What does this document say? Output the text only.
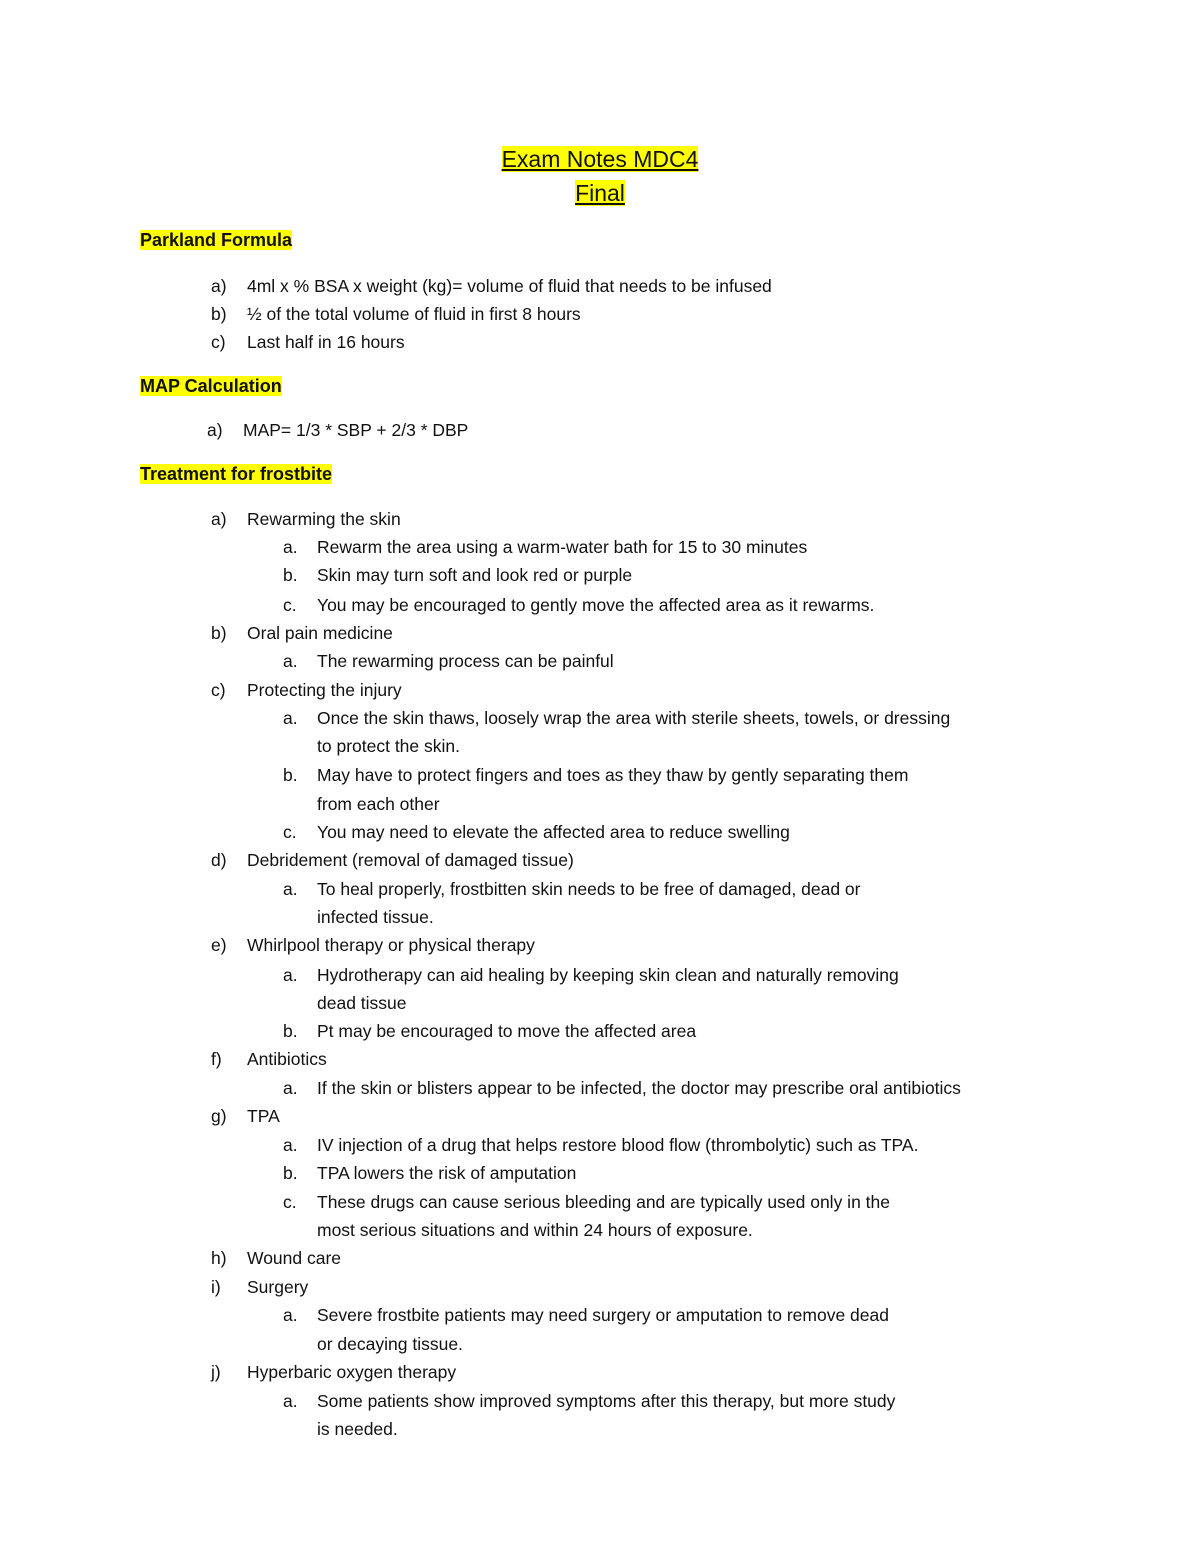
Exam Notes MDC4
Final
Parkland Formula
a)	4ml x % BSA x weight (kg)= volume of fluid that needs to be infused
b)	½ of the total volume of fluid in first 8 hours
c)	Last half in 16 hours
MAP Calculation
a)	MAP= 1/3 * SBP + 2/3 * DBP
Treatment for frostbite
a)	Rewarming the skin
a.	Rewarm the area using a warm-water bath for 15 to 30 minutes
b.	Skin may turn soft and look red or purple
c.	You may be encouraged to gently move the affected area as it rewarms.
b)	Oral pain medicine
a.	The rewarming process can be painful
c)	Protecting the injury
a.	Once the skin thaws, loosely wrap the area with sterile sheets, towels, or dressing
to protect the skin.
b.	May have to protect fingers and toes as they thaw by gently separating them
from each other
c.	You may need to elevate the affected area to reduce swelling
d)	Debridement (removal of damaged tissue)
a.	To heal properly, frostbitten skin needs to be free of damaged, dead or
infected tissue.
e)	Whirlpool therapy or physical therapy
a.	Hydrotherapy can aid healing by keeping skin clean and naturally removing
dead tissue
b.	Pt may be encouraged to move the affected area
f)	Antibiotics
a.	If the skin or blisters appear to be infected, the doctor may prescribe oral antibiotics
g)	TPA
a.	IV injection of a drug that helps restore blood flow (thrombolytic) such as TPA.
b.	TPA lowers the risk of amputation
c.	These drugs can cause serious bleeding and are typically used only in the
most serious situations and within 24 hours of exposure.
h)	Wound care
i)	Surgery
a.	Severe frostbite patients may need surgery or amputation to remove dead
or decaying tissue.
j)	Hyperbaric oxygen therapy
a.	Some patients show improved symptoms after this therapy, but more study
is needed.
